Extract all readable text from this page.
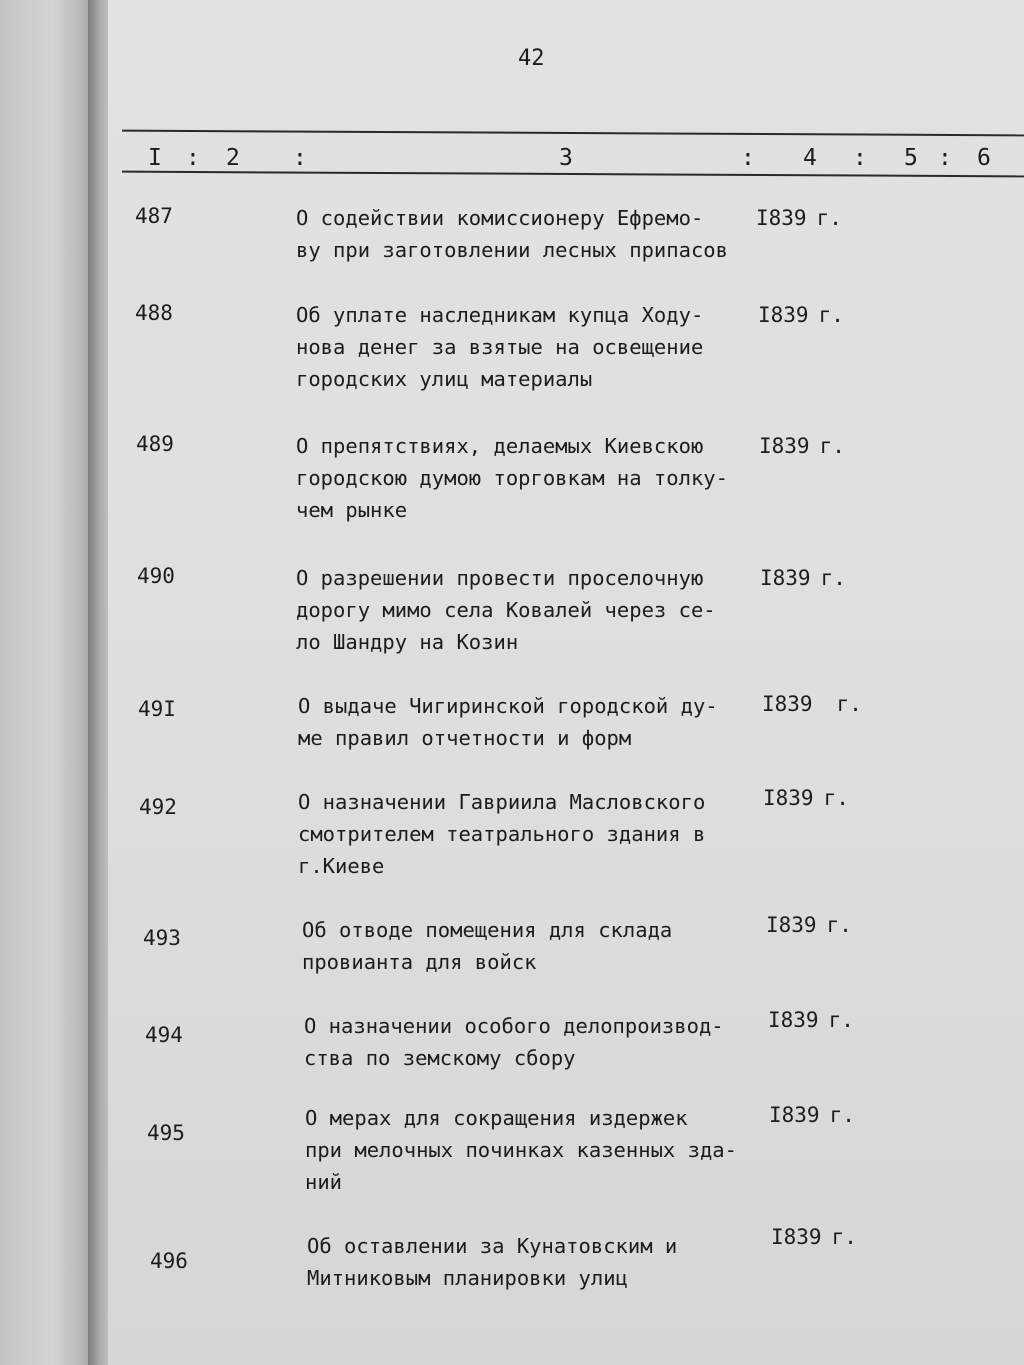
42
I : 2 :	3	: 4 : 5 : 6
487	О содействии комиссионеру Ефремо-
ву при заготовлении лесных припасов
I839 г.
488	Об уплате наследникам купца Ходу-
нова денег за взятые на освещение
городских улиц материалы
I839 г.
489	О препятствиях, делаемых Киевскою
городскою думою торговкам на толку-
чем рынке
I839 г.
490	О разрешении провести проселочную
дорогу мимо села Ковалей через се-
ло Шандру на Козин
I839 г.
49I	О выдаче Чигиринской городской ду-
ме правил отчетности и форм
I839 г.
492	О назначении Гавриила Масловского
смотрителем театрального здания в
г.Киеве
I839 г.
493	Об отводе помещения для склада
провианта для войск
I839 г.
494	О назначении особого делопроизвод-
ства по земскому сбору
I839 г.
495
О мерах для сокращения издержек
при мелочных починках казенных зда-
ний
I839 г.
496
Об оставлении за Кунатовским и
Митниковым планировки улиц
I839 г.
